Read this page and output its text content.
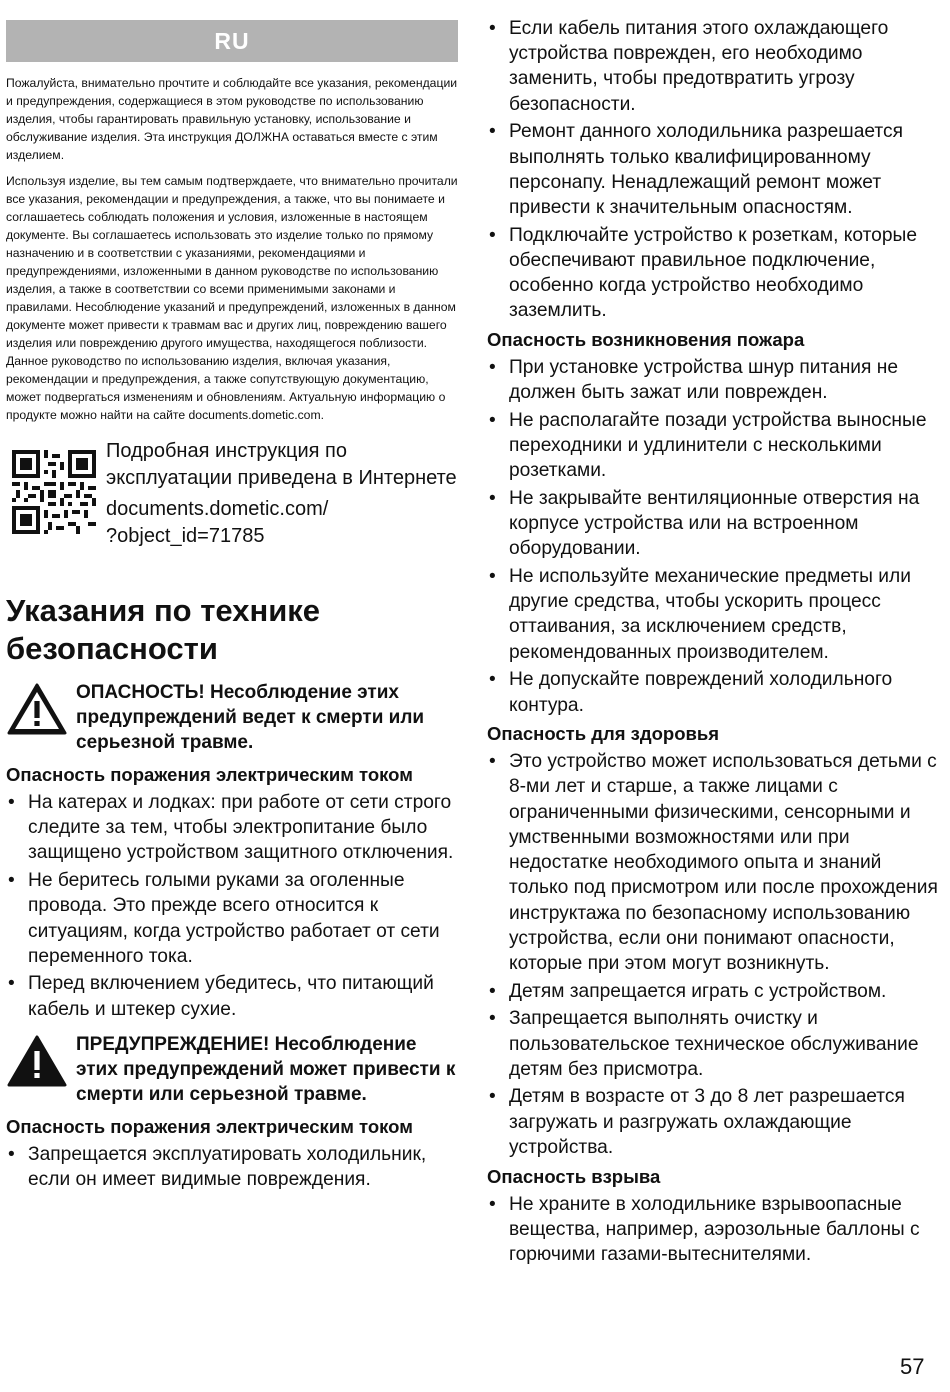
RU

Пожалуйста, внимательно прочтите и соблюдайте все указания, рекомендации и предупреждения, содержащиеся в этом руководстве по использованию изделия, чтобы гарантировать правильную установку, использование и обслуживание изделия. Эта инструкция ДОЛЖНА оставаться вместе с этим изделием.

Используя изделие, вы тем самым подтверждаете, что внимательно прочитали все указания, рекомендации и предупреждения, а также, что вы понимаете и соглашаетесь соблюдать положения и условия, изложенные в настоящем документе. Вы соглашаетесь использовать это изделие только по прямому назначению и в соответствии с указаниями, рекомендациями и предупреждениями, изложенными в данном руководстве по использованию изделия, а также в соответствии со всеми применимыми законами и правилами. Несоблюдение указаний и предупреждений, изложенных в данном документе может привести к травмам вас и других лиц, повреждению вашего изделия или повреждению другого имущества, находящегося поблизости. Данное руководство по использованию изделия, включая указания, рекомендации и предупреждения, а также сопутствующую документацию, может подвергаться изменениям и обновлениям. Актуальную информацию о продукте можно найти на сайте documents.dometic.com.

Подробная инструкция по эксплуатации приведена в Интернете

documents.dometic.com/
?object_id=71785

Указания по технике безопасности
ОПАСНОСТЬ! Несоблюдение этих предупреждений ведет к смерти или серьезной травме.
Опасность поражения электрическим током
• На катерах и лодках: при работе от сети строго следите за тем, чтобы электропитание было защищено устройством защитного отключения.
• Не беритесь голыми руками за оголенные провода. Это прежде всего относится к ситуациям, когда устройство работает от сети переменного тока.
• Перед включением убедитесь, что питающий кабель и штекер сухие.
ПРЕДУПРЕЖДЕНИЕ! Несоблюдение этих предупреждений может привести к смерти или серьезной травме.
Опасность поражения электрическим током
• Запрещается эксплуатировать холодильник, если он имеет видимые повреждения.
• Если кабель питания этого охлаждающего устройства поврежден, его необходимо заменить, чтобы предотвратить угрозу безопасности.
• Ремонт данного холодильника разрешается выполнять только квалифицированному персонапу. Ненадлежащий ремонт может привести к значительным опасностям.
• Подключайте устройство к розеткам, которые обеспечивают правильное подключение, особенно когда устройство необходимо заземлить.
Опасность возникновения пожара
• При установке устройства шнур питания не должен быть зажат или поврежден.
• Не располагайте позади устройства выносные переходники и удлинители с несколькими розетками.
• Не закрывайте вентиляционные отверстия на корпусе устройства или на встроенном оборудовании.
• Не используйте механические предметы или другие средства, чтобы ускорить процесс оттаивания, за исключением средств, рекомендованных производителем.
• Не допускайте повреждений холодильного контура.
Опасность для здоровья
• Это устройство может использоваться детьми с 8-ми лет и старше, а также лицами с ограниченными физическими, сенсорными и умственными возможностями или при недостатке необходимого опыта и знаний только под присмотром или после прохождения инструктажа по безопасному использованию устройства, если они понимают опасности, которые при этом могут возникнуть.
• Детям запрещается играть с устройством.
• Запрещается выполнять очистку и пользовательское техническое обслуживание детям без присмотра.
• Детям в возрасте от 3 до 8 лет разрешается загружать и разгружать охлаждающие устройства.
Опасность взрыва
• Не храните в холодильнике взрывоопасные вещества, например, аэрозольные баллоны с горючими газами-вытеснителями.
57
